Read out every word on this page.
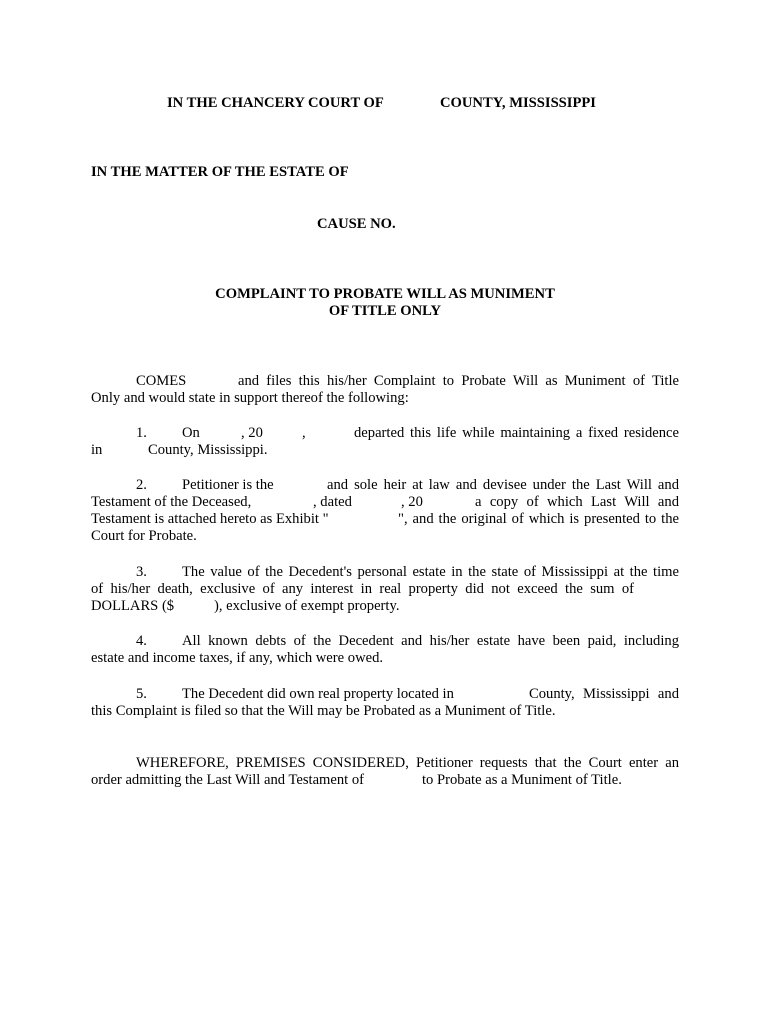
IN THE CHANCERY COURT OF	COUNTY, MISSISSIPPI
IN THE MATTER OF THE ESTATE OF
CAUSE NO.
COMPLAINT TO PROBATE WILL AS MUNIMENT
OF TITLE ONLY
COMES	and files this his/her Complaint to Probate Will as Muniment of Title
Only and would state in support thereof the following:
1. On	, 20	,	departed this life while maintaining a fixed residence
in	County, Mississippi.
2. Petitioner is the	and sole heir at law and devisee under the Last Will and
Testament of the Deceased,	, dated	, 20	a copy of which Last Will and
Testament is attached hereto as Exhibit "	", and the original of which is presented to the
Court for Probate.
3. The value of the Decedent's personal estate in the state of Mississippi at the time
of his/her death, exclusive of any interest in real property did not exceed the sum of
DOLLARS ($	), exclusive of exempt property.
4. All known debts of the Decedent and his/her estate have been paid, including
estate and income taxes, if any, which were owed.
5. The Decedent did own real property located in	County, Mississippi and
this Complaint is filed so that the Will may be Probated as a Muniment of Title.
WHEREFORE, PREMISES CONSIDERED, Petitioner requests that the Court enter an
order admitting the Last Will and Testament of	to Probate as a Muniment of Title.
